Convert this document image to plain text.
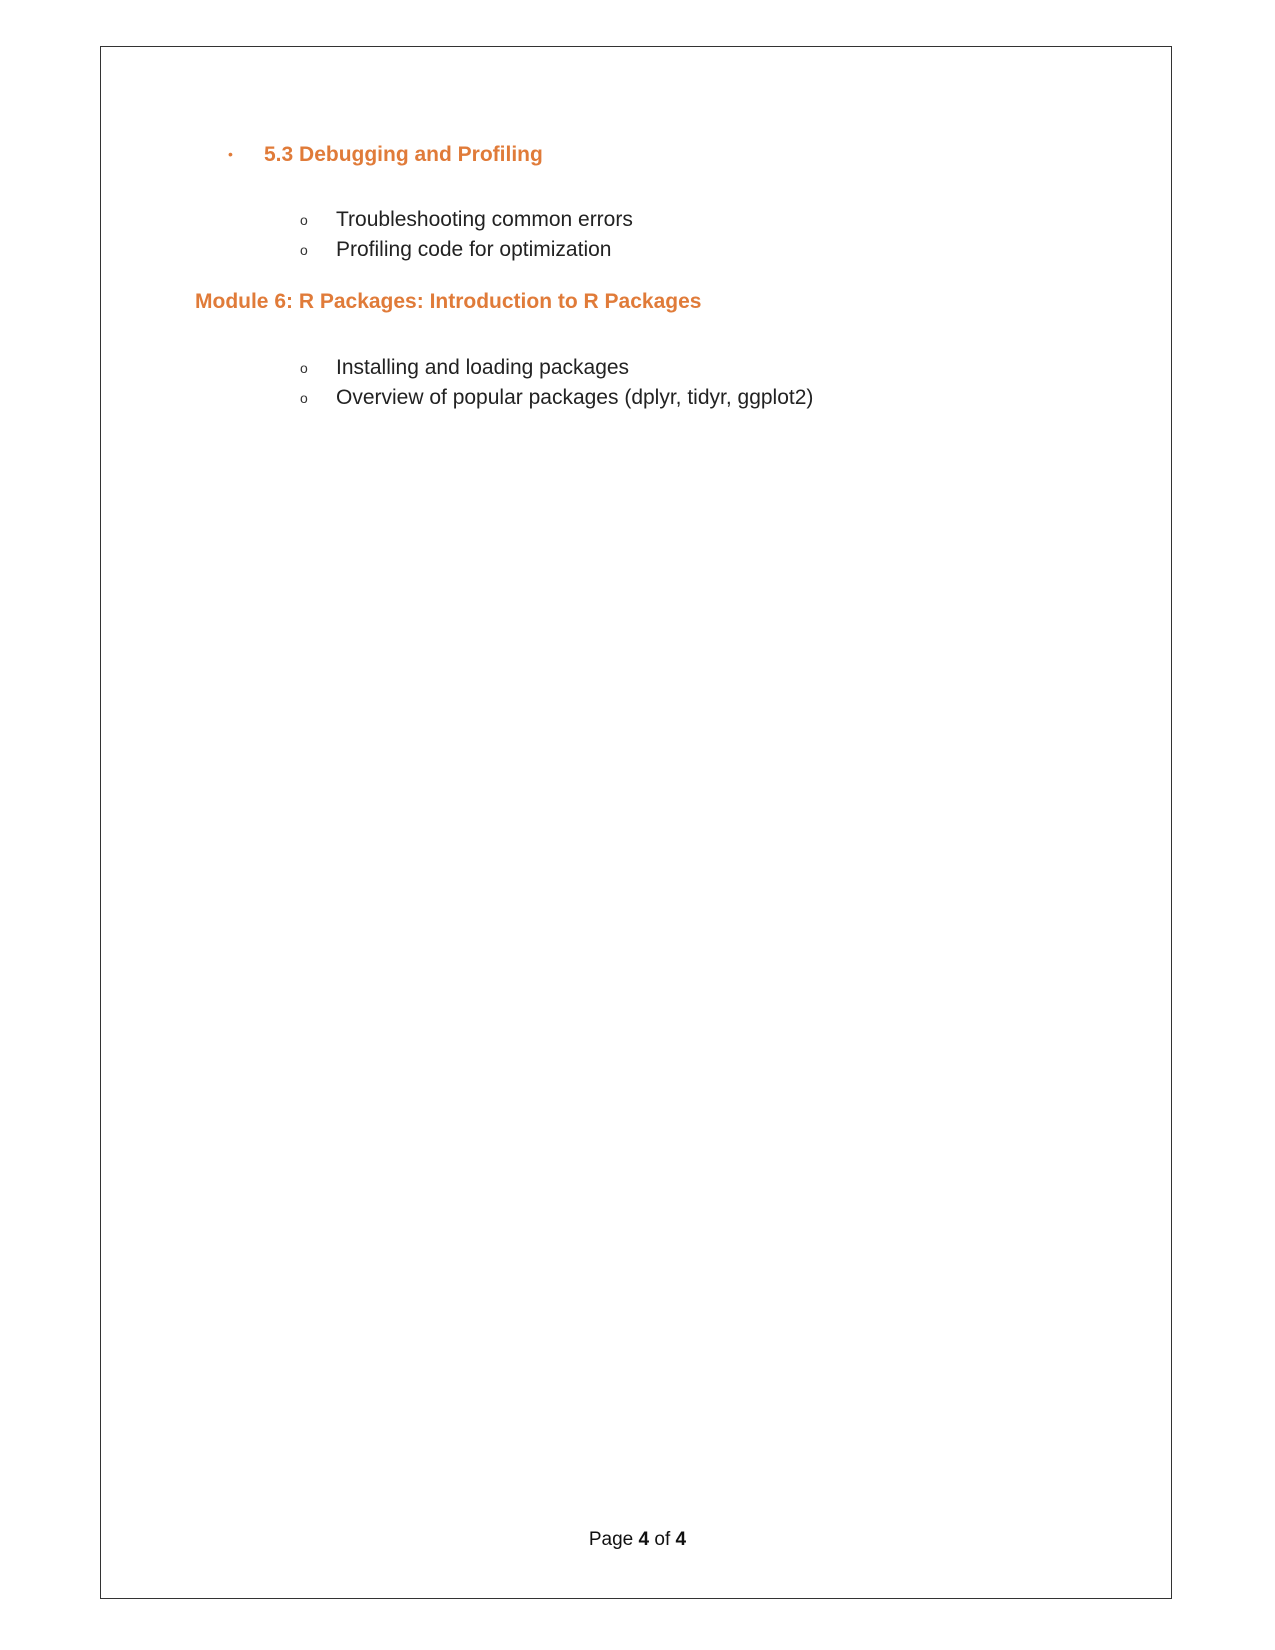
• 5.3 Debugging and Profiling
o Troubleshooting common errors
o Profiling code for optimization
Module 6: R Packages: Introduction to R Packages
o Installing and loading packages
o Overview of popular packages (dplyr, tidyr, ggplot2)
Page 4 of 4
